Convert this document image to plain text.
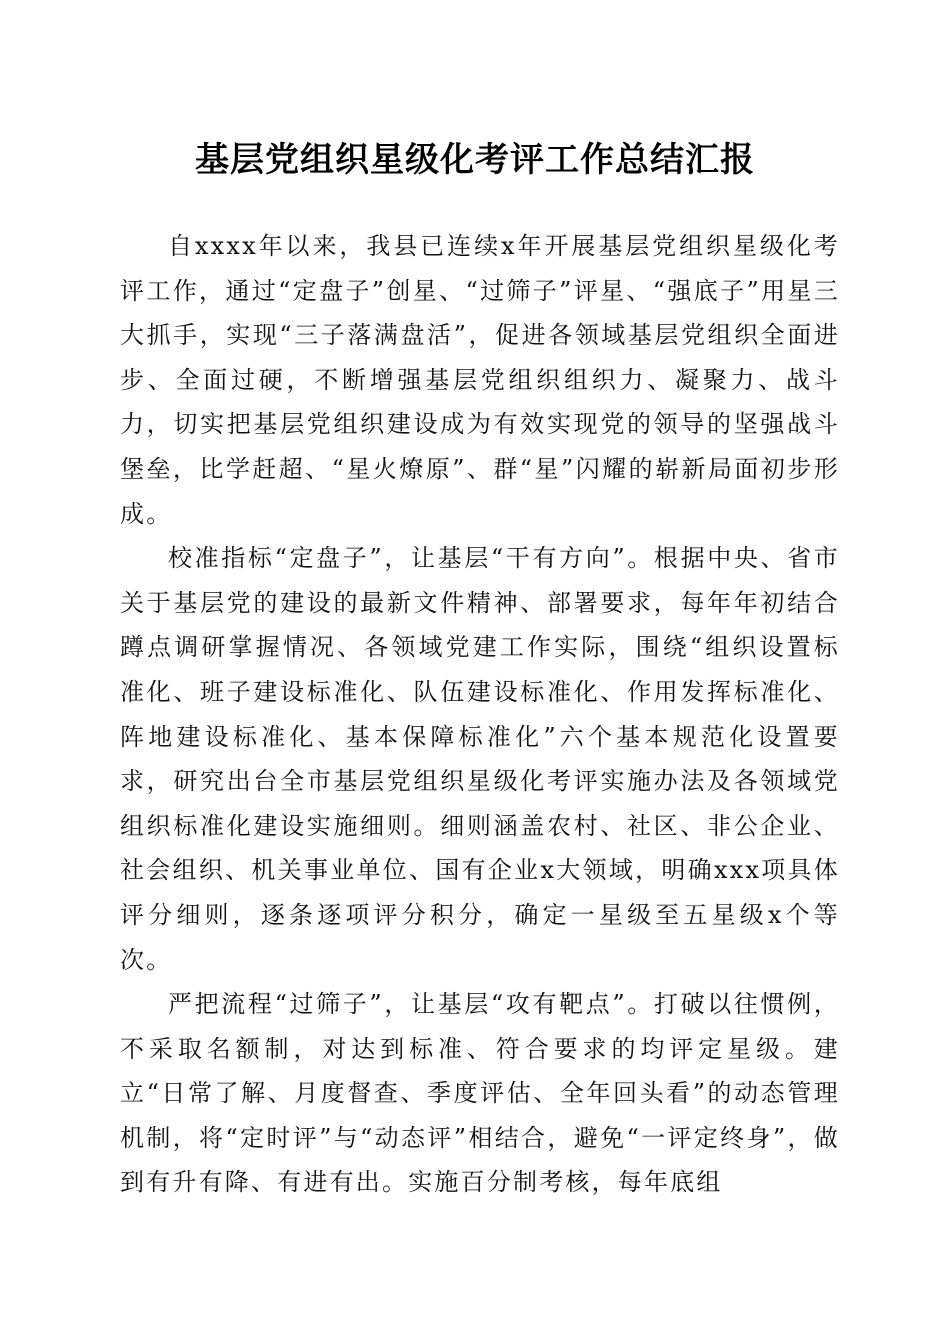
基层党组织星级化考评工作总结汇报

自xxxx年以来，我县已连续x年开展基层党组织星级化考评工作，通过“定盘子”创星、“过筛子”评星、“强底子”用星三大抓手，实现“三子落满盘活”，促进各领域基层党组织全面进步、全面过硬，不断增强基层党组织组织力、凝聚力、战斗力，切实把基层党组织建设成为有效实现党的领导的坚强战斗堡垒，比学赶超、“星火燎原”、群“星”闪耀的崭新局面初步形成。

校准指标“定盘子”，让基层“干有方向”。根据中央、省市关于基层党的建设的最新文件精神、部署要求，每年年初结合蹲点调研掌握情况、各领域党建工作实际，围绕“组织设置标准化、班子建设标准化、队伍建设标准化、作用发挥标准化、阵地建设标准化、基本保障标准化”六个基本规范化设置要求，研究出台全市基层党组织星级化考评实施办法及各领域党组织标准化建设实施细则。细则涵盖农村、社区、非公企业、社会组织、机关事业单位、国有企业x大领域，明确xxx项具体评分细则，逐条逐项评分积分，确定一星级至五星级x个等次。

严把流程“过筛子”，让基层“攻有靶点”。打破以往惯例，不采取名额制，对达到标准、符合要求的均评定星级。建立“日常了解、月度督查、季度评估、全年回头看”的动态管理机制，将“定时评”与“动态评”相结合，避免“一评定终身”，做到有升有降、有进有出。实施百分制考核，每年底组
